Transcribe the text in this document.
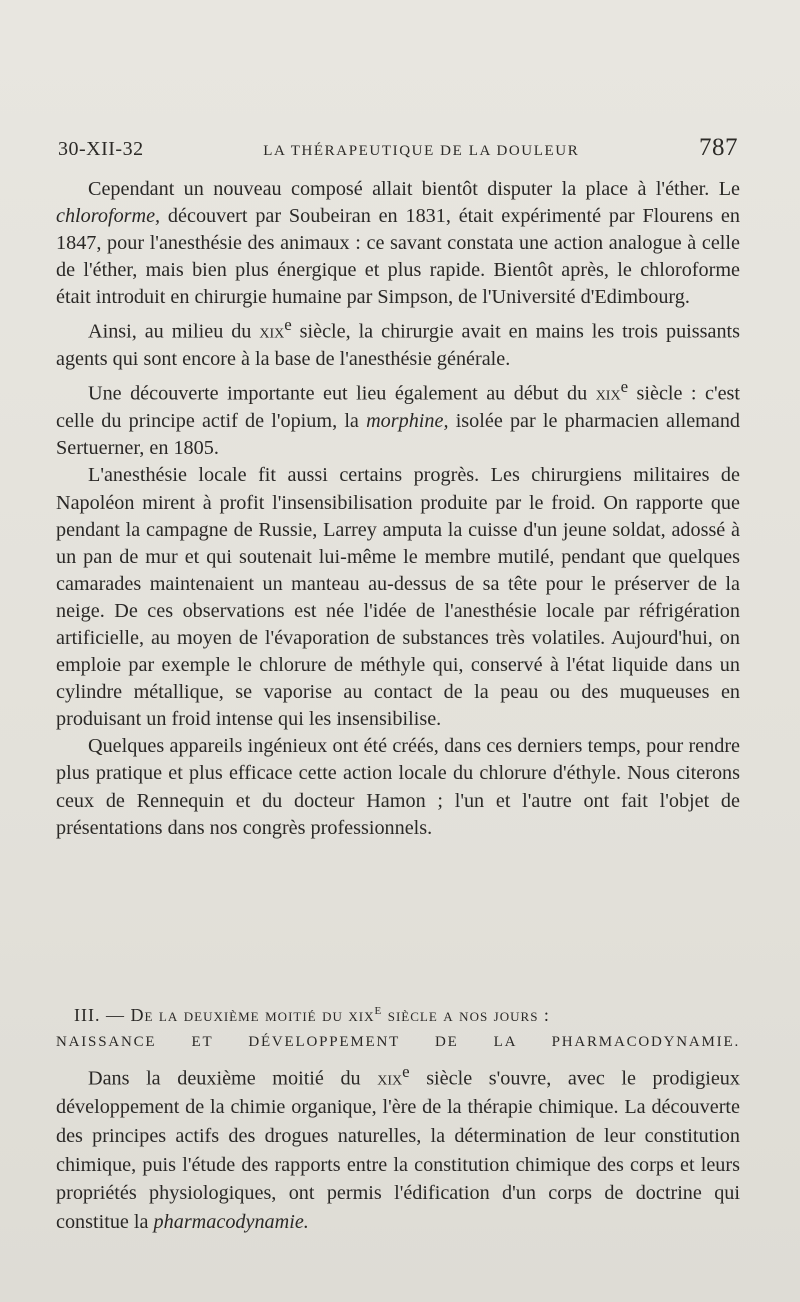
30-XII-32	LA THÉRAPEUTIQUE DE LA DOULEUR	787

Cependant un nouveau composé allait bientôt disputer la place à l'éther. Le chloroforme, découvert par Soubeiran en 1831, était expérimenté par Flourens en 1847, pour l'anesthésie des animaux : ce savant constata une action analogue à celle de l'éther, mais bien plus énergique et plus rapide. Bientôt après, le chloroforme était introduit en chirurgie humaine par Simpson, de l'Université d'Edimbourg.

Ainsi, au milieu du xix$^e$ siècle, la chirurgie avait en mains les trois puissants agents qui sont encore à la base de l'anesthésie générale.

Une découverte importante eut lieu également au début du xix$^e$ siècle : c'est celle du principe actif de l'opium, la morphine, isolée par le pharmacien allemand Sertuerner, en 1805.

L'anesthésie locale fit aussi certains progrès. Les chirurgiens militaires de Napoléon mirent à profit l'insensibilisation produite par le froid. On rapporte que pendant la campagne de Russie, Larrey amputa la cuisse d'un jeune soldat, adossé à un pan de mur et qui soutenait lui-même le membre mutilé, pendant que quelques camarades maintenaient un manteau au-dessus de sa tête pour le préserver de la neige. De ces observations est née l'idée de l'anesthésie locale par réfrigération artificielle, au moyen de l'évaporation de substances très volatiles. Aujourd'hui, on emploie par exemple le chlorure de méthyle qui, conservé à l'état liquide dans un cylindre métallique, se vaporise au contact de la peau ou des muqueuses en produisant un froid intense qui les insensibilise.

Quelques appareils ingénieux ont été créés, dans ces derniers temps, pour rendre plus pratique et plus efficace cette action locale du chlorure d'éthyle. Nous citerons ceux de Rennequin et du docteur Hamon ; l'un et l'autre ont fait l'objet de présentations dans nos congrès professionnels.

III. — De la deuxième moitié du xix$^e$ siècle a nos jours :
NAISSANCE ET DÉVELOPPEMENT DE LA PHARMACODYNAMIE.

Dans la deuxième moitié du xix$^e$ siècle s'ouvre, avec le prodigieux développement de la chimie organique, l'ère de la thérapie chimique. La découverte des principes actifs des drogues naturelles, la détermination de leur constitution chimique, puis l'étude des rapports entre la constitution chimique des corps et leurs propriétés physiologiques, ont permis l'édification d'un corps de doctrine qui constitue la pharmacodynamie.
